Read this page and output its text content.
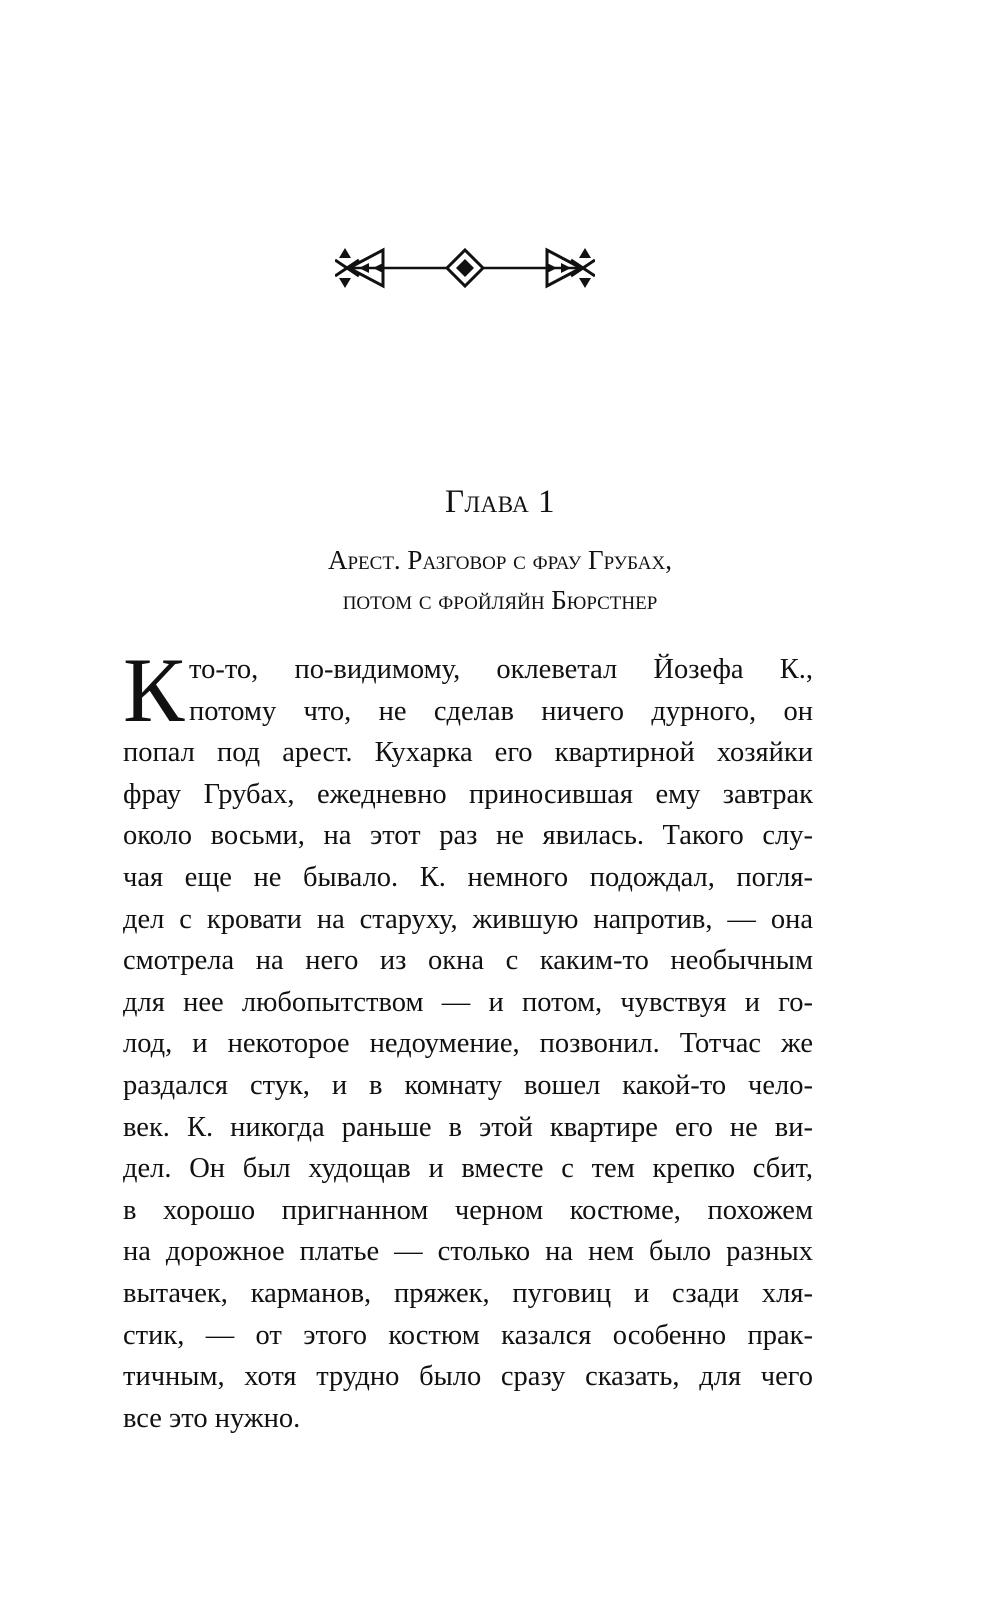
Глава 1
Арест. Разговор с фрау Грубах,
потом с фройляйн Бюрстнер
К то-то, по-видимому, оклеветал Йозефа К.,
потому что, не сделав ничего дурного, он
попал под арест. Кухарка его квартирной хозяйки
фрау Грубах, ежедневно приносившая ему завтрак
около восьми, на этот раз не явилась. Такого слу-
чая еще не бывало. К. немного подождал, погля-
дел с кровати на старуху, жившую напротив, — она
смотрела на него из окна с каким-то необычным
для нее любопытством — и потом, чувствуя и го-
лод, и некоторое недоумение, позвонил. Тотчас же
раздался стук, и в комнату вошел какой-то чело-
век. К. никогда раньше в этой квартире его не ви-
дел. Он был худощав и вместе с тем крепко сбит,
в хорошо пригнанном черном костюме, похожем
на дорожное платье — столько на нем было разных
вытачек, карманов, пряжек, пуговиц и сзади хля-
стик, — от этого костюм казался особенно прак-
тичным, хотя трудно было сразу сказать, для чего
все это нужно.
